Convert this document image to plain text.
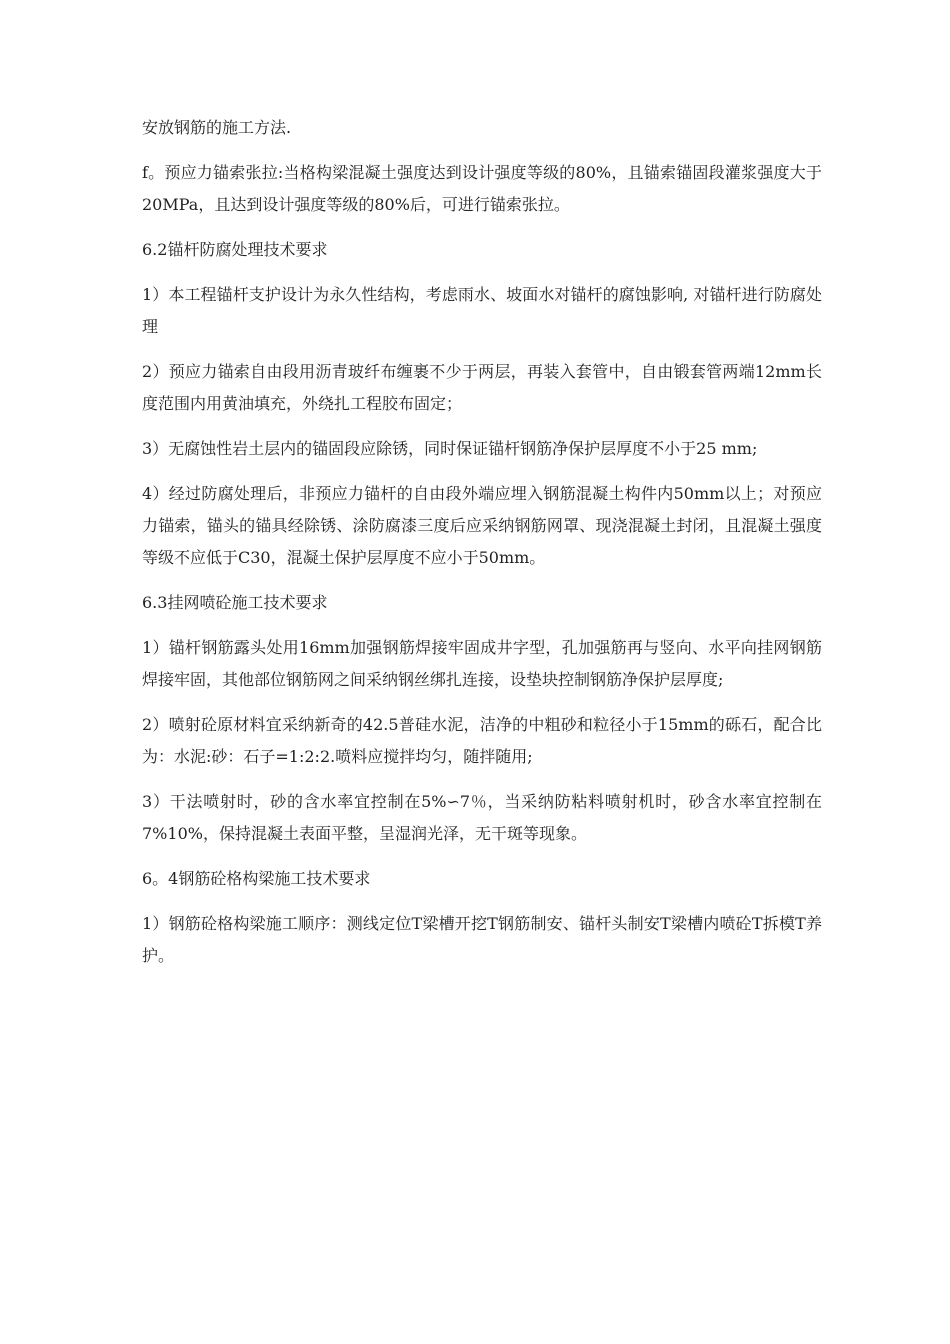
安放钢筋的施工方法.

f。预应力锚索张拉:当格构梁混凝土强度达到设计强度等级的80%，且锚索锚固段灌浆强度大于20MPa，且达到设计强度等级的80%后，可进行锚索张拉。

6.2锚杆防腐处理技术要求

1）本工程锚杆支护设计为永久性结构，考虑雨水、坡面水对锚杆的腐蚀影响, 对锚杆进行防腐处理

2）预应力锚索自由段用沥青玻纤布缠裹不少于两层，再装入套管中，自由锻套管两端12mm长度范围内用黄油填充，外绕扎工程胶布固定；

3）无腐蚀性岩土层内的锚固段应除锈，同时保证锚杆钢筋净保护层厚度不小于25 mm;

4）经过防腐处理后，非预应力锚杆的自由段外端应埋入钢筋混凝土构件内50mm以上；对预应力锚索，锚头的锚具经除锈、涂防腐漆三度后应采纳钢筋网罩、现浇混凝土封闭，且混凝土强度等级不应低于C30，混凝土保护层厚度不应小于50mm。

6.3挂网喷砼施工技术要求

1）锚杆钢筋露头处用16mm加强钢筋焊接牢固成井字型，孔加强筋再与竖向、水平向挂网钢筋焊接牢固，其他部位钢筋网之间采纳钢丝绑扎连接，设垫块控制钢筋净保护层厚度;

2）喷射砼原材料宜采纳新奇的42.5普硅水泥，洁净的中粗砂和粒径小于15mm的砾石，配合比为：水泥:砂：石子=1:2:2.喷料应搅拌均匀，随拌随用;

3）干法喷射时，砂的含水率宜控制在5%∽7％，当采纳防粘料喷射机时，砂含水率宜控制在7%10%，保持混凝土表面平整，呈湿润光泽，无干斑等现象。

6。4钢筋砼格构梁施工技术要求

1）钢筋砼格构梁施工顺序：测线定位T梁槽开挖T钢筋制安、锚杆头制安T梁槽内喷砼T拆模T养护。
